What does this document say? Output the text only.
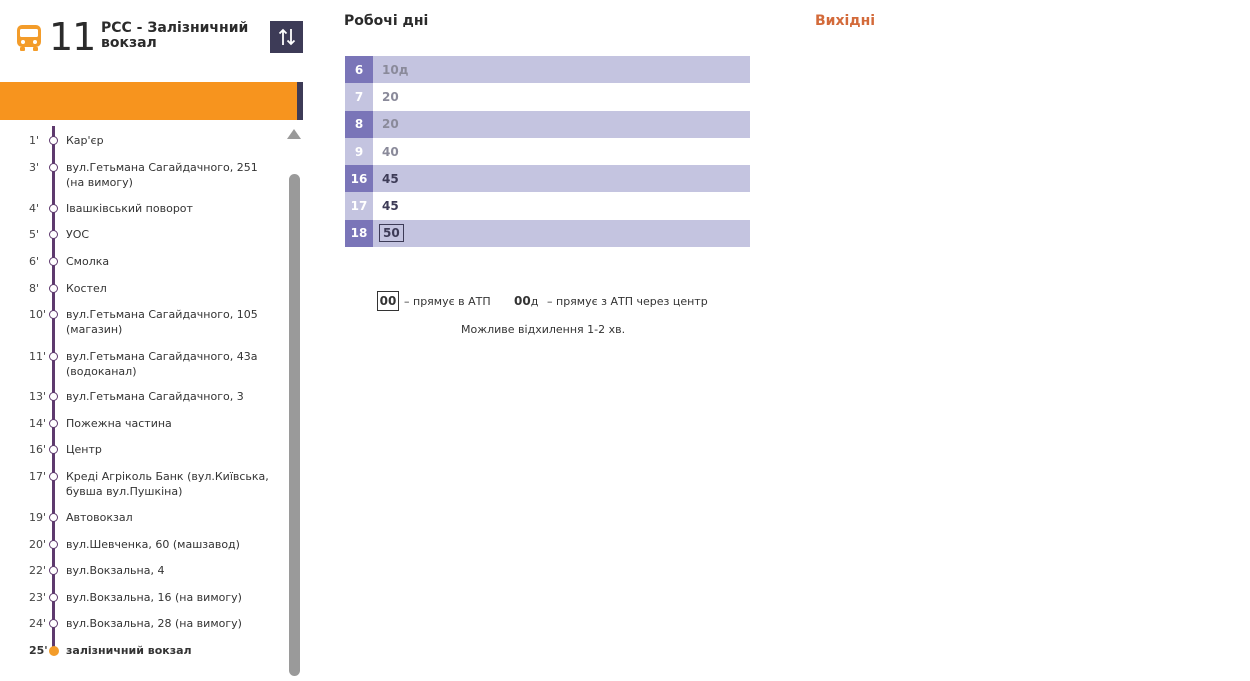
11 РСС - Залізничний вокзал
1'	Кар'єр
3'	вул.Гетьмана Сагайдачного, 251 (на вимогу)
4'	Івашківський поворот
5'	УОС
6'	Смолка
8'	Костел
10' вул.Гетьмана Сагайдачного, 105 (магазин)
11' вул.Гетьмана Сагайдачного, 43а (водоканал)
13' вул.Гетьмана Сагайдачного, 3
14' Пожежна частина
16' Центр
17' Креді Агріколь Банк (вул.Київська, бувша вул.Пушкіна)
19' Автовокзал
20' вул.Шевченка, 60 (машзавод)
22' вул.Вокзальна, 4
23' вул.Вокзальна, 16 (на вимогу)
24' вул.Вокзальна, 28 (на вимогу)
25' залізничний вокзал
Робочі дні	Вихідні
6	10д
7	20
8	20
9	40
16	45
17	45
18	50
00 – прямує в АТП 00д – прямує з АТП через центр
Можливе відхилення 1-2 хв.
